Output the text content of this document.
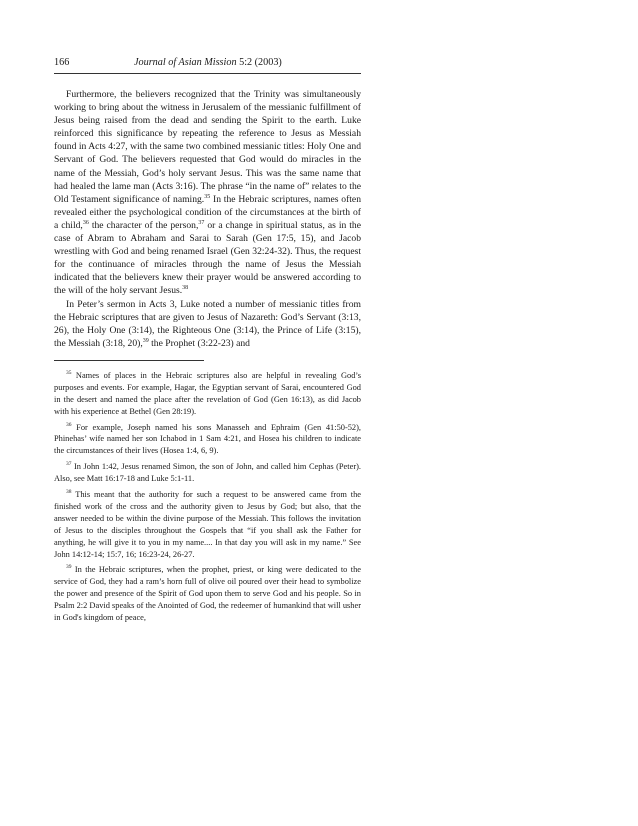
166	Journal of Asian Mission 5:2 (2003)

Furthermore, the believers recognized that the Trinity was simultaneously working to bring about the witness in Jerusalem of the messianic fulfillment of Jesus being raised from the dead and sending the Spirit to the earth. Luke reinforced this significance by repeating the reference to Jesus as Messiah found in Acts 4:27, with the same two combined messianic titles: Holy One and Servant of God. The believers requested that God would do miracles in the name of the Messiah, God’s holy servant Jesus. This was the same name that had healed the lame man (Acts 3:16). The phrase “in the name of” relates to the Old Testament significance of naming.$^{35}$ In the Hebraic scriptures, names often revealed either the psychological condition of the circumstances at the birth of a child,$^{36}$ the character of the person,$^{37}$ or a change in spiritual status, as in the case of Abram to Abraham and Sarai to Sarah (Gen 17:5, 15), and Jacob wrestling with God and being renamed Israel (Gen 32:24-32). Thus, the request for the continuance of miracles through the name of Jesus the Messiah indicated that the believers knew their prayer would be answered according to the will of the holy servant Jesus.$^{38}$

In Peter’s sermon in Acts 3, Luke noted a number of messianic titles from the Hebraic scriptures that are given to Jesus of Nazareth: God’s Servant (3:13, 26), the Holy One (3:14), the Righteous One (3:14), the Prince of Life (3:15), the Messiah (3:18, 20),$^{39}$ the Prophet (3:22-23) and

$^{35}$ Names of places in the Hebraic scriptures also are helpful in revealing God’s purposes and events. For example, Hagar, the Egyptian servant of Sarai, encountered God in the desert and named the place after the revelation of God (Gen 16:13), as did Jacob with his experience at Bethel (Gen 28:19).

$^{36}$ For example, Joseph named his sons Manasseh and Ephraim (Gen 41:50-52), Phinehas’ wife named her son Ichabod in 1 Sam 4:21, and Hosea his children to indicate the circumstances of their lives (Hosea 1:4, 6, 9).

$^{37}$ In John 1:42, Jesus renamed Simon, the son of John, and called him Cephas (Peter). Also, see Matt 16:17-18 and Luke 5:1-11.

$^{38}$ This meant that the authority for such a request to be answered came from the finished work of the cross and the authority given to Jesus by God; but also, that the answer needed to be within the divine purpose of the Messiah. This follows the invitation of Jesus to the disciples throughout the Gospels that “if you shall ask the Father for anything, he will give it to you in my name.... In that day you will ask in my name.” See John 14:12-14; 15:7, 16; 16:23-24, 26-27.

$^{39}$ In the Hebraic scriptures, when the prophet, priest, or king were dedicated to the service of God, they had a ram’s horn full of olive oil poured over their head to symbolize the power and presence of the Spirit of God upon them to serve God and his people. So in Psalm 2:2 David speaks of the Anointed of God, the redeemer of humankind that will usher in God's kingdom of peace,
